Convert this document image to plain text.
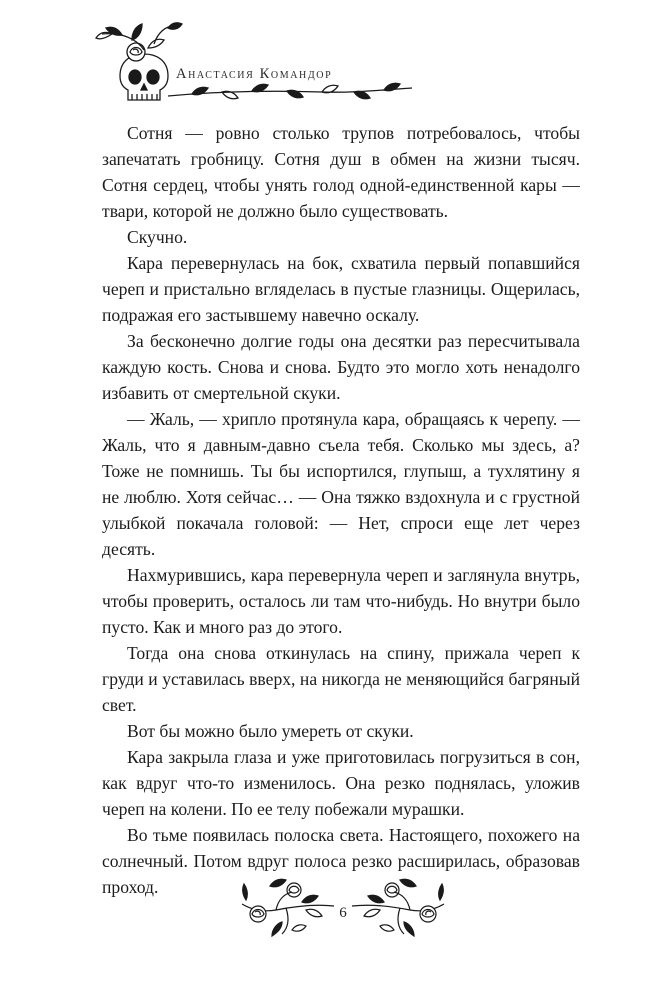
Анастасия Командор

Сотня — ровно столько трупов потребовалось, чтобы запечатать гробницу. Сотня душ в обмен на жизни тысяч. Сотня сердец, чтобы унять голод одной-единственной кары — твари, которой не должно было существовать.

Скучно.

Кара перевернулась на бок, схватила первый попавшийся череп и пристально вгляделась в пустые глазницы. Ощерилась, подражая его застывшему навечно оскалу.

За бесконечно долгие годы она десятки раз пересчитывала каждую кость. Снова и снова. Будто это могло хоть ненадолго избавить от смертельной скуки.

— Жаль, — хрипло протянула кара, обращаясь к черепу. — Жаль, что я давным-давно съела тебя. Сколько мы здесь, а? Тоже не помнишь. Ты бы испортился, глупыш, а тухлятину я не люблю. Хотя сейчас… — Она тяжко вздохнула и с грустной улыбкой покачала головой: — Нет, спроси еще лет через десять.

Нахмурившись, кара перевернула череп и заглянула внутрь, чтобы проверить, осталось ли там что-нибудь. Но внутри было пусто. Как и много раз до этого.

Тогда она снова откинулась на спину, прижала череп к груди и уставилась вверх, на никогда не меняющийся багряный свет.

Вот бы можно было умереть от скуки.

Кара закрыла глаза и уже приготовилась погрузиться в сон, как вдруг что-то изменилось. Она резко поднялась, уложив череп на колени. По ее телу побежали мурашки.

Во тьме появилась полоска света. Настоящего, похожего на солнечный. Потом вдруг полоса резко расширилась, образовав проход.

6
